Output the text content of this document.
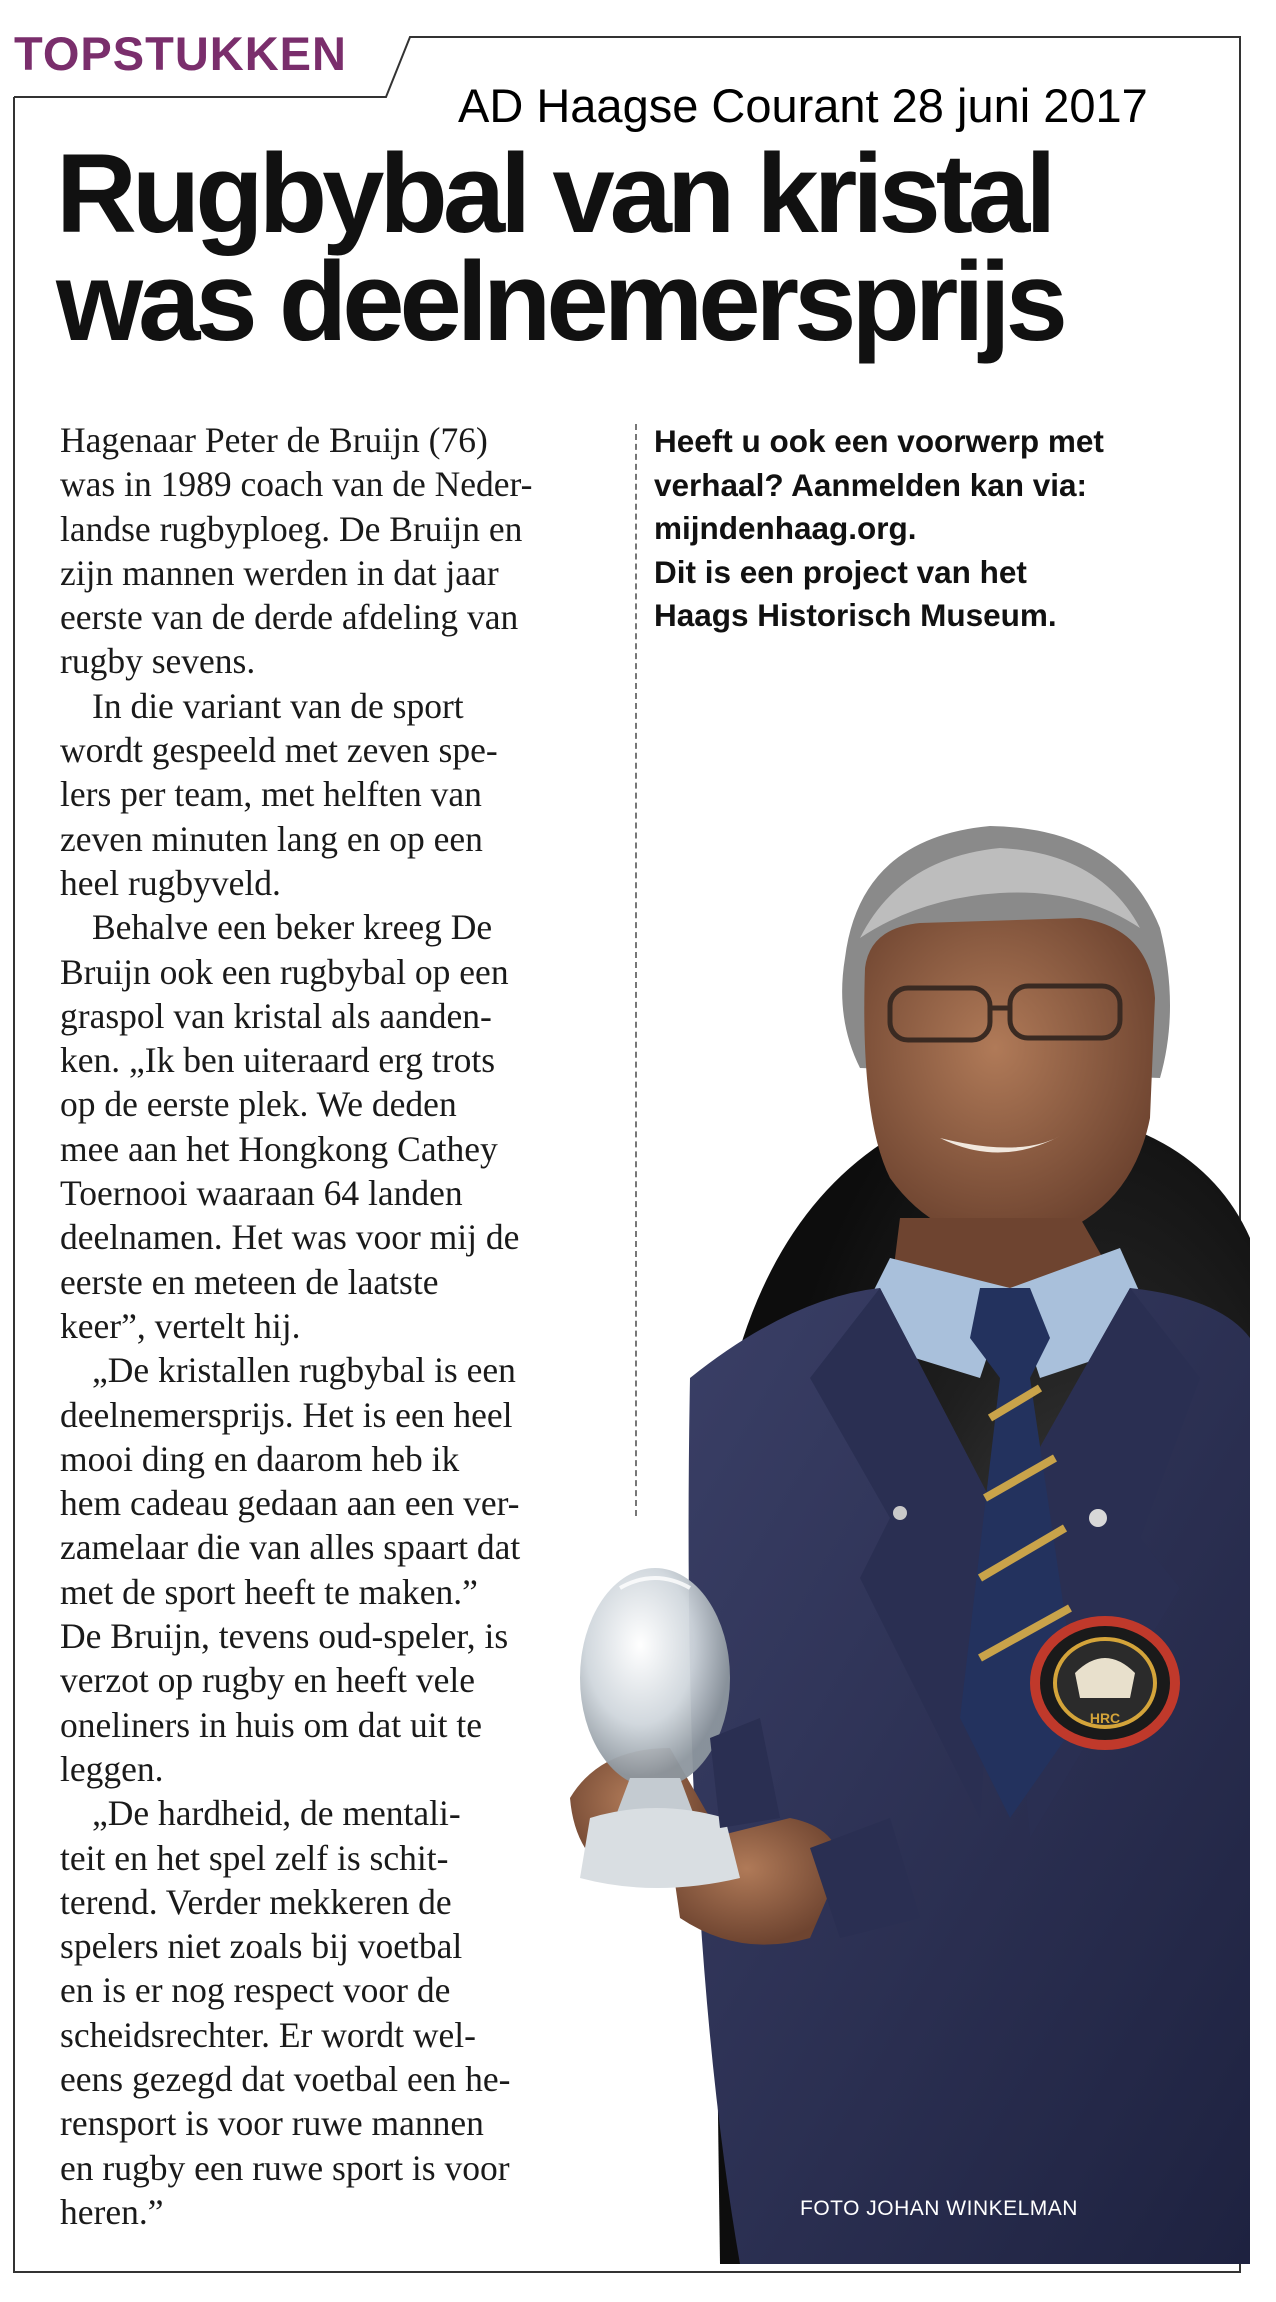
TOPSTUKKEN
AD Haagse Courant 28 juni 2017
Rugbybal van kristal
was deelnemersprijs

Hagenaar Peter de Bruijn (76)
was in 1989 coach van de Neder-
landse rugbyploeg. De Bruijn en
zijn mannen werden in dat jaar
eerste van de derde afdeling van
rugby sevens.

In die variant van de sport
wordt gespeeld met zeven spe-
lers per team, met helften van
zeven minuten lang en op een
heel rugbyveld.

Behalve een beker kreeg De
Bruijn ook een rugbybal op een
graspol van kristal als aanden-
ken. „Ik ben uiteraard erg trots
op de eerste plek. We deden
mee aan het Hongkong Cathey
Toernooi waaraan 64 landen
deelnamen. Het was voor mij de
eerste en meteen de laatste
keer”, vertelt hij.

„De kristallen rugbybal is een
deelnemersprijs. Het is een heel
mooi ding en daarom heb ik
hem cadeau gedaan aan een ver-
zamelaar die van alles spaart dat
met de sport heeft te maken.”
De Bruijn, tevens oud-speler, is
verzot op rugby en heeft vele
oneliners in huis om dat uit te
leggen.

„De hardheid, de mentali-
teit en het spel zelf is schit-
terend. Verder mekkeren de
spelers niet zoals bij voetbal
en is er nog respect voor de
scheidsrechter. Er wordt wel-
eens gezegd dat voetbal een he-
rensport is voor ruwe mannen
en rugby een ruwe sport is voor
heren.”

Heeft u ook een voorwerp met
verhaal? Aanmelden kan via:
mijndenhaag.org.
Dit is een project van het
Haags Historisch Museum.
HRC
FOTO JOHAN WINKELMAN
